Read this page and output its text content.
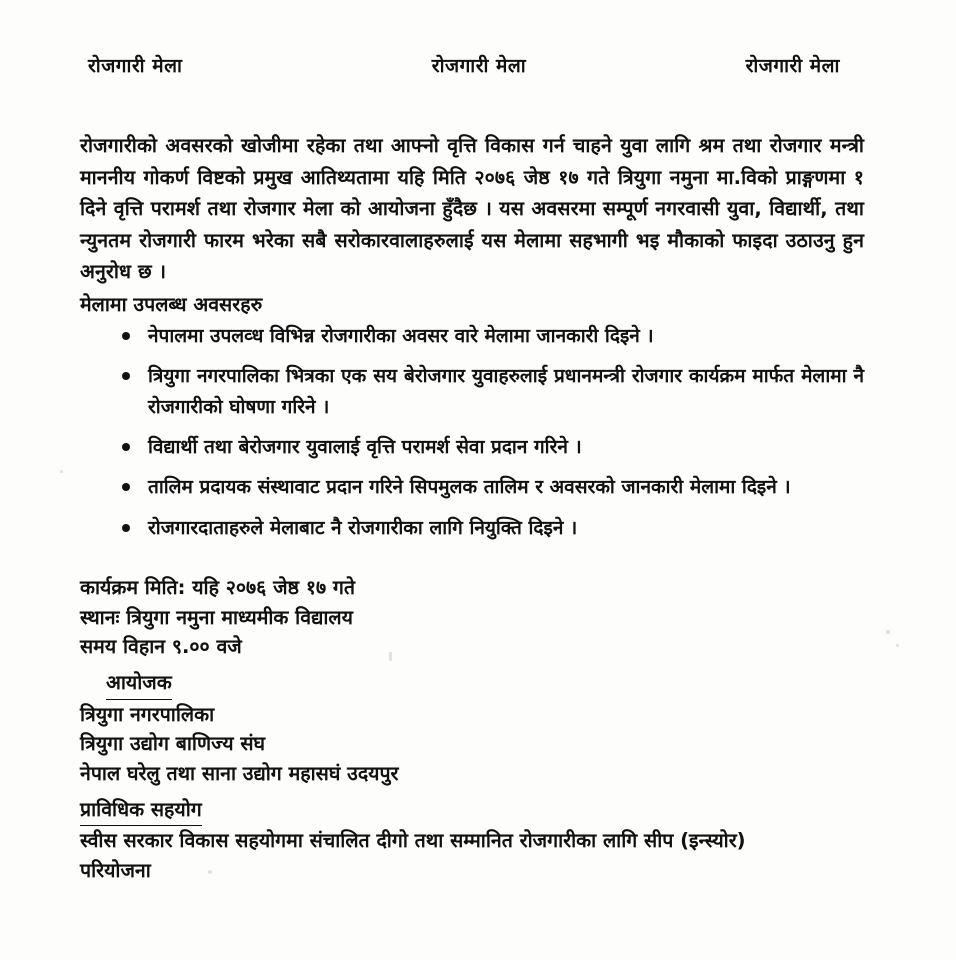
रोजगारी मेला	रोजगारी मेला	रोजगारी मेला

रोजगारीको अवसरको खोजीमा रहेका तथा आफ्नो वृत्ति विकास गर्न चाहने युवा लागि श्रम तथा रोजगार मन्त्री माननीय गोकर्ण विष्टको प्रमुख आतिथ्यतामा यहि मिति २०७६ जेष्ठ १७ गते त्रियुगा नमुना मा.विको प्राङ्गणमा १ दिने वृत्ति परामर्श तथा रोजगार मेला को आयोजना हुँदैछ । यस अवसरमा सम्पूर्ण नगरवासी युवा, विद्यार्थी, तथा न्युनतम रोजगारी फारम भरेका सबै सरोकारवालाहरुलाई यस मेलामा सहभागी भइ मौकाको फाइदा उठाउनु हुन अनुरोध छ ।

मेलामा उपलब्ध अवसरहरु
नेपालमा उपलव्ध विभिन्न रोजगारीका अवसर वारे मेलामा जानकारी दिइने ।
त्रियुगा नगरपालिका भित्रका एक सय बेरोजगार युवाहरुलाई प्रधानमन्त्री रोजगार कार्यक्रम मार्फत मेलामा नै रोजगारीको घोषणा गरिने ।
विद्यार्थी तथा बेरोजगार युवालाई वृत्ति परामर्श सेवा प्रदान गरिने ।
तालिम प्रदायक संस्थावाट प्रदान गरिने सिपमुलक तालिम र अवसरको जानकारी मेलामा दिइने ।
रोजगारदाताहरुले मेलाबाट नै रोजगारीका लागि नियुक्ति दिइने ।
कार्यक्रम मिति: यहि २०७६ जेष्ठ १७ गते
स्थानः त्रियुगा नमुना माध्यमीक विद्यालय
समय विहान ९.०० वजे
आयोजक
त्रियुगा नगरपालिका
त्रियुगा उद्योग बाणिज्य संघ
नेपाल घरेलु तथा साना उद्योग महासघं उदयपुर
प्राविधिक सहयोग
स्वीस सरकार विकास सहयोगमा संचालित दीगो तथा सम्मानित रोजगारीका लागि सीप (इन्स्योर)
परियोजना
